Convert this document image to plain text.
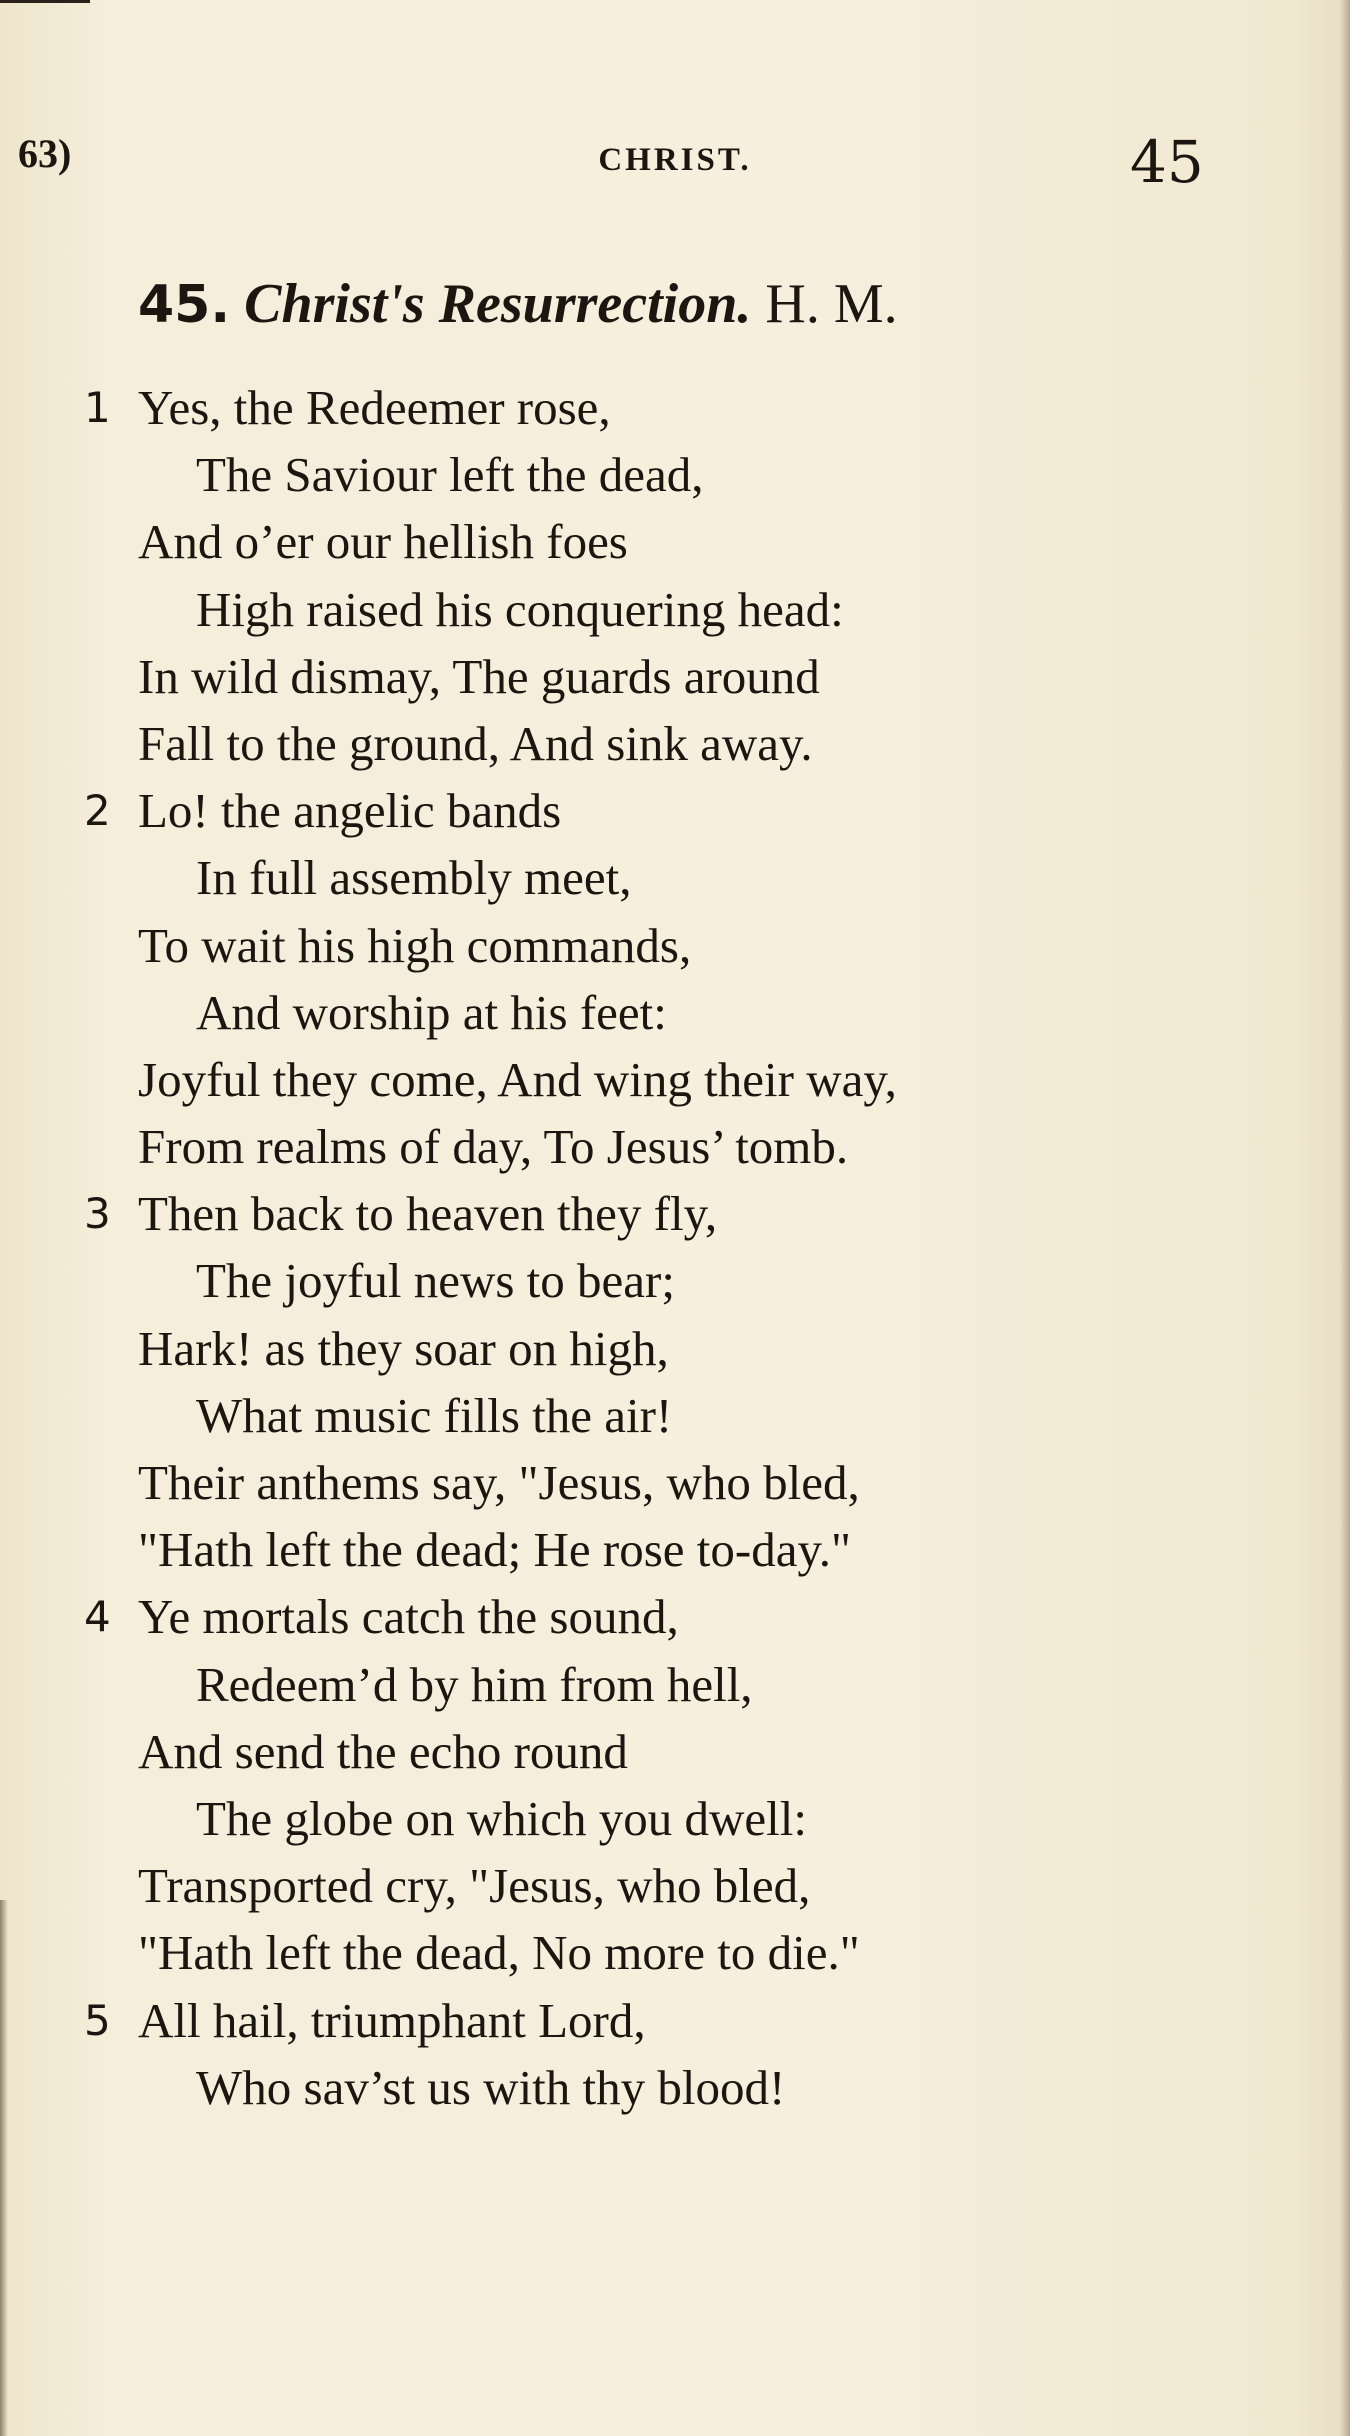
63)	CHRIST.	45
45. Christ's Resurrection. H. M.
1 Yes, the Redeemer rose,
The Saviour left the dead,
And o’er our hellish foes
High raised his conquering head:
In wild dismay, The guards around
Fall to the ground, And sink away.
2 Lo! the angelic bands
In full assembly meet,
To wait his high commands,
And worship at his feet:
Joyful they come, And wing their way,
From realms of day, To Jesus’ tomb.
3 Then back to heaven they fly,
The joyful news to bear;
Hark! as they soar on high,
What music fills the air!
Their anthems say, "Jesus, who bled,
"Hath left the dead; He rose to-day."
4 Ye mortals catch the sound,
Redeem’d by him from hell,
And send the echo round
The globe on which you dwell:
Transported cry, "Jesus, who bled,
"Hath left the dead, No more to die."
5 All hail, triumphant Lord,
Who sav’st us with thy blood!
